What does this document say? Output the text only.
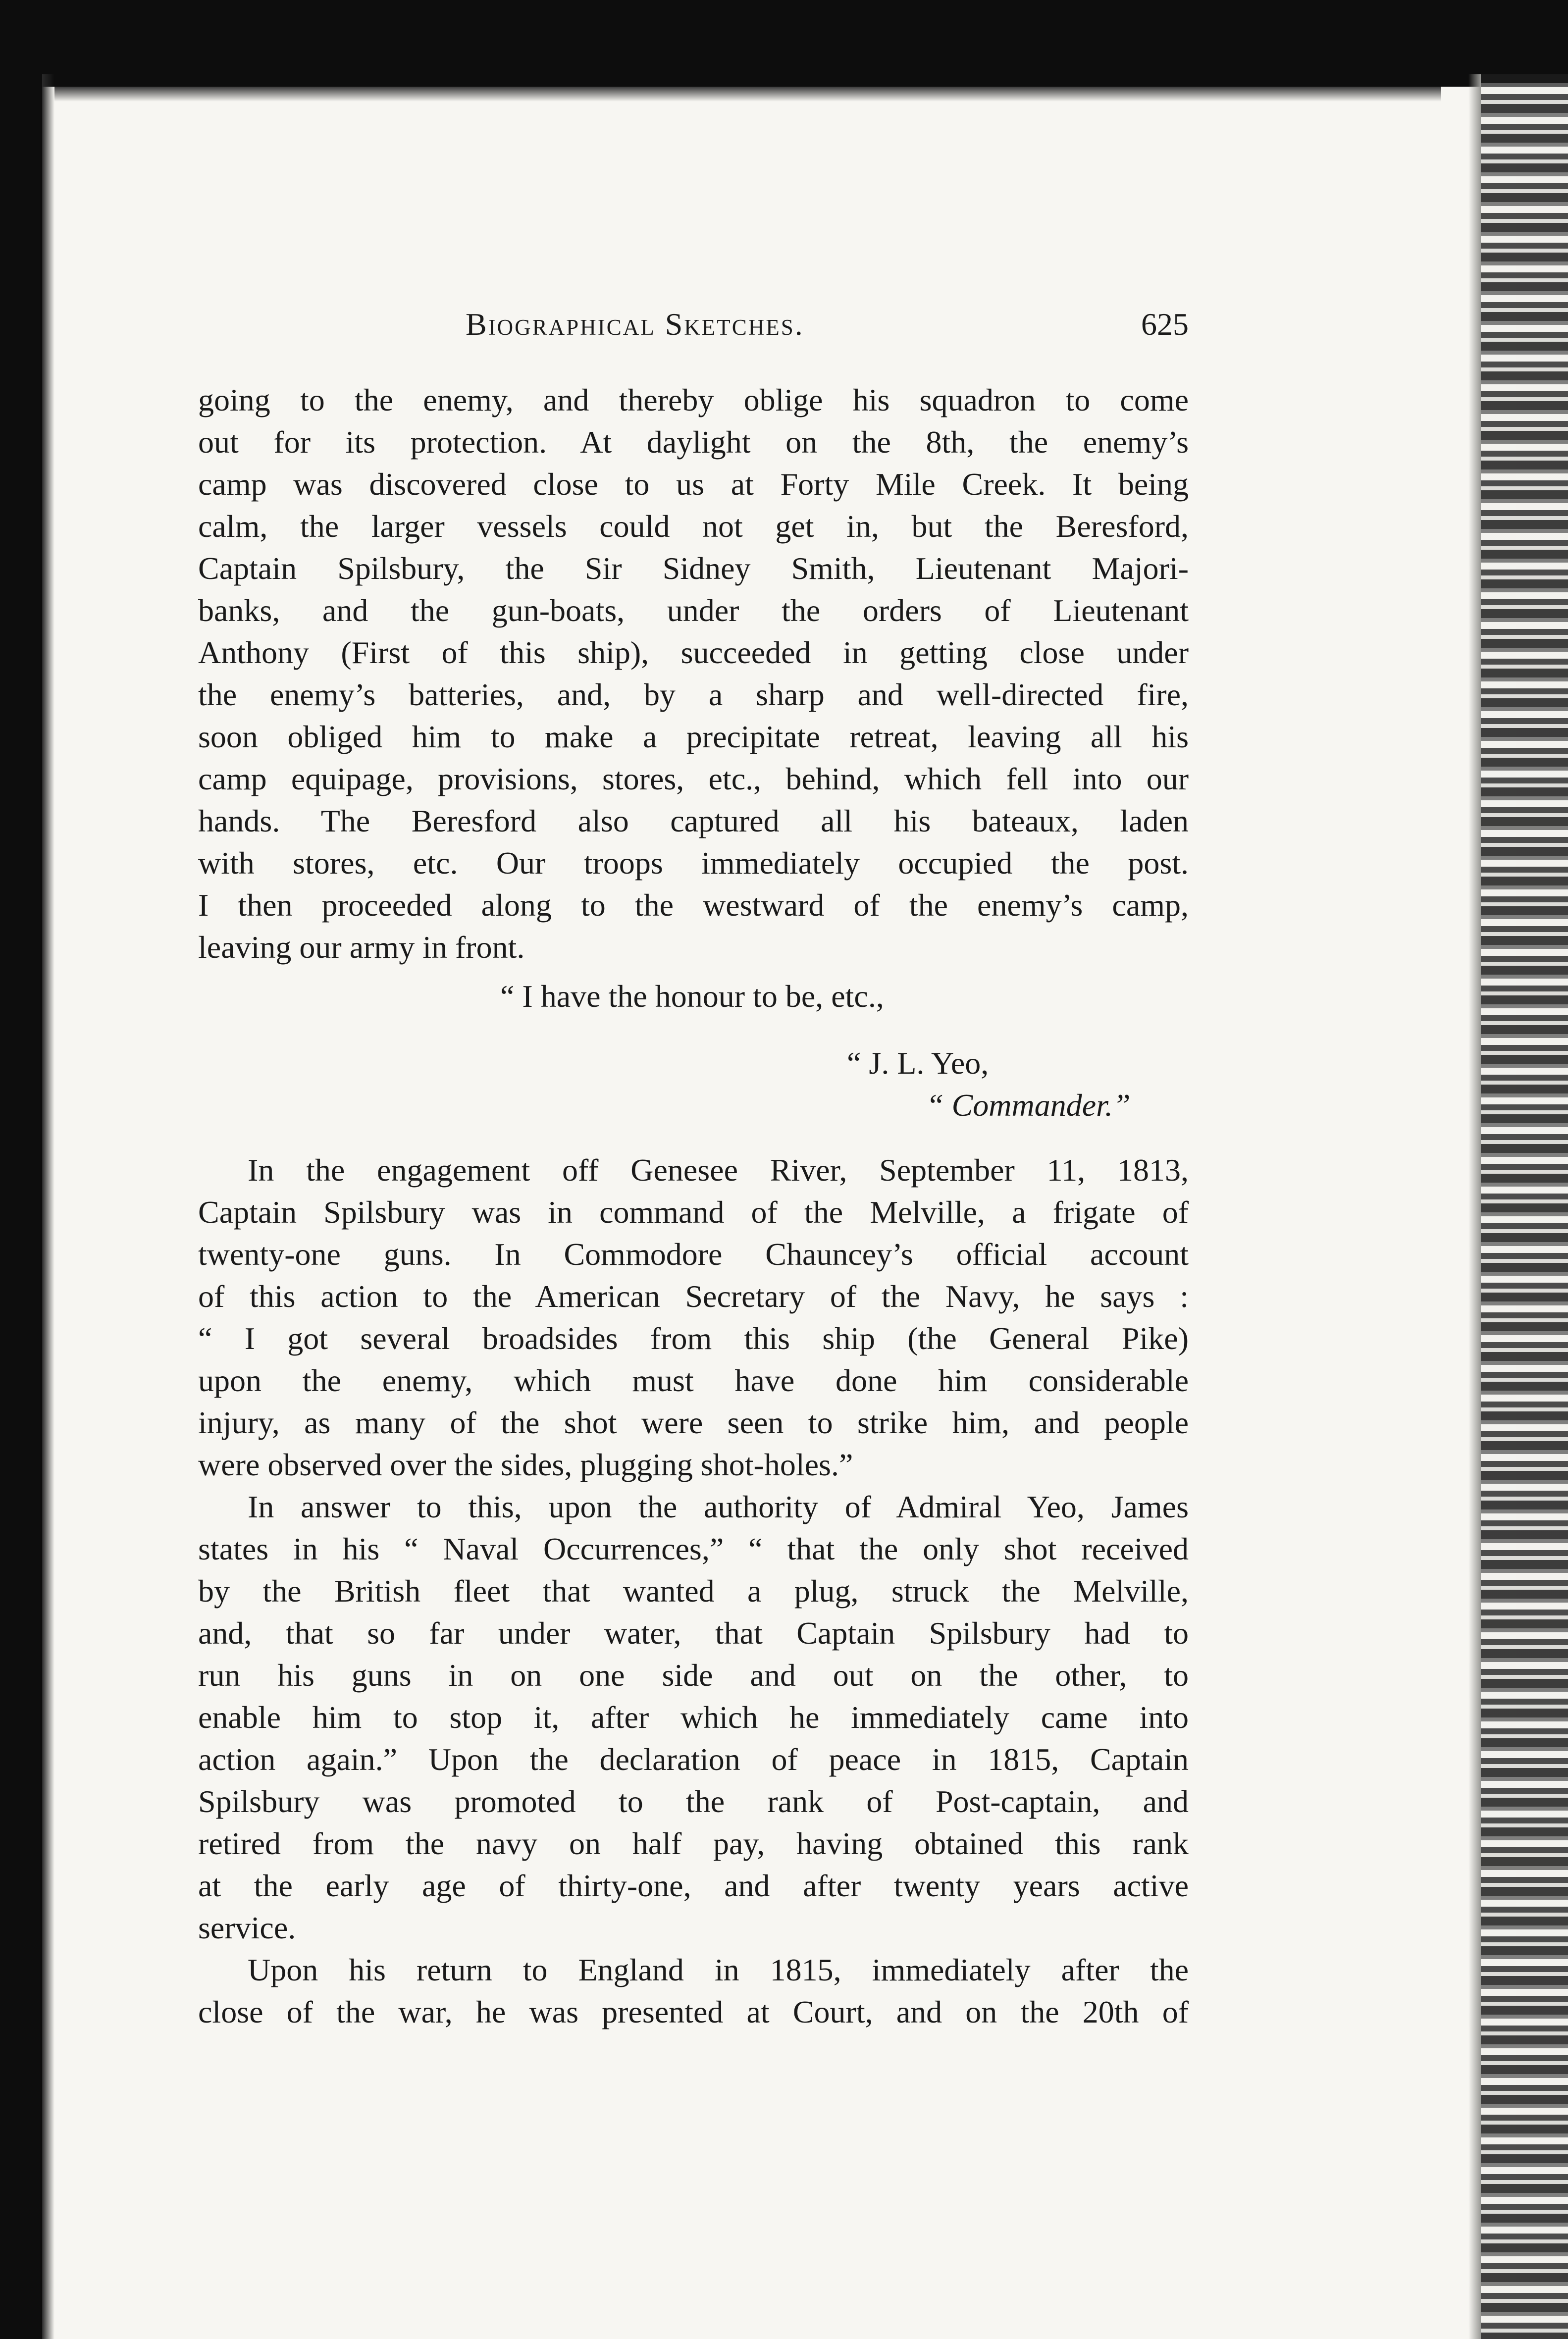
Biographical Sketches.	625
going to the enemy, and thereby oblige his squadron to come
out for its protection. At daylight on the 8th, the enemy’s
camp was discovered close to us at Forty Mile Creek. It being
calm, the larger vessels could not get in, but the Beresford,
Captain Spilsbury, the Sir Sidney Smith, Lieutenant Majori-
banks, and the gun-boats, under the orders of Lieutenant
Anthony (First of this ship), succeeded in getting close under
the enemy’s batteries, and, by a sharp and well-directed fire,
soon obliged him to make a precipitate retreat, leaving all his
camp equipage, provisions, stores, etc., behind, which fell into our
hands. The Beresford also captured all his bateaux, laden
with stores, etc. Our troops immediately occupied the post.
I then proceeded along to the westward of the enemy’s camp,
leaving our army in front.
“ I have the honour to be, etc.,
“ J. L. Yeo,
“ Commander.”
In the engagement off Genesee River, September 11, 1813,
Captain Spilsbury was in command of the Melville, a frigate of
twenty-one guns. In Commodore Chauncey’s official account
of this action to the American Secretary of the Navy, he says :
“ I got several broadsides from this ship (the General Pike)
upon the enemy, which must have done him considerable
injury, as many of the shot were seen to strike him, and people
were observed over the sides, plugging shot-holes.”
In answer to this, upon the authority of Admiral Yeo, James
states in his “ Naval Occurrences,” “ that the only shot received
by the British fleet that wanted a plug, struck the Melville,
and, that so far under water, that Captain Spilsbury had to
run his guns in on one side and out on the other, to
enable him to stop it, after which he immediately came into
action again.” Upon the declaration of peace in 1815, Captain
Spilsbury was promoted to the rank of Post-captain, and
retired from the navy on half pay, having obtained this rank
at the early age of thirty-one, and after twenty years active
service.
Upon his return to England in 1815, immediately after the
close of the war, he was presented at Court, and on the 20th of
